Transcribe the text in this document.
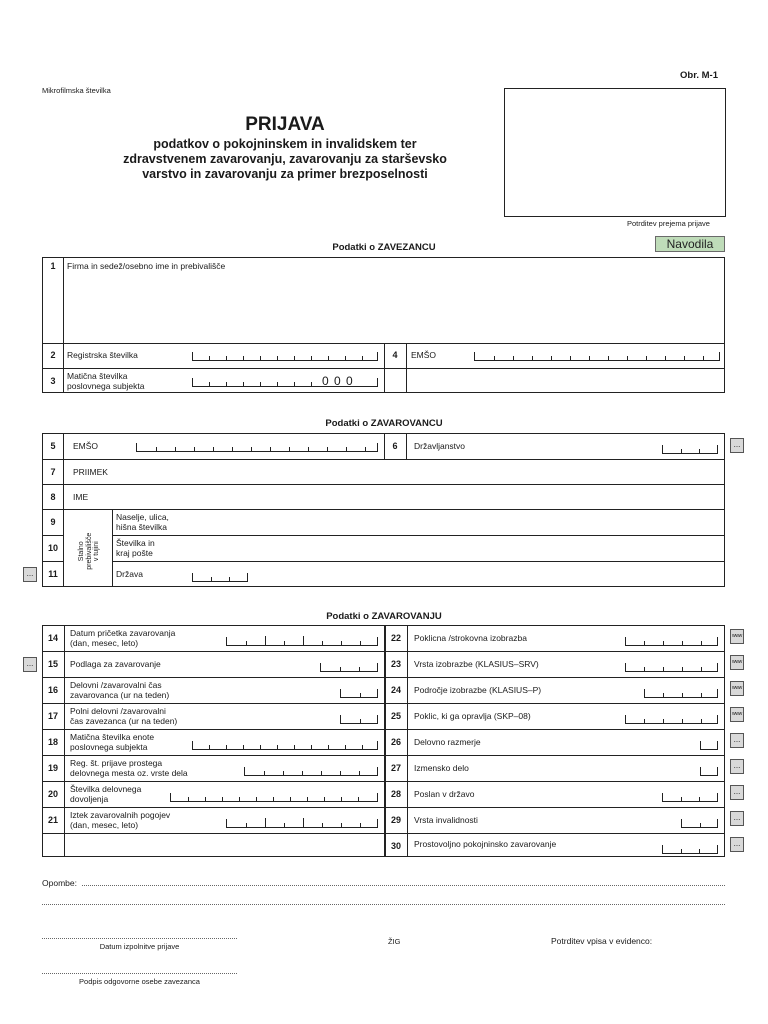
Obr. M-1
Mikrofilmska številka
PRIJAVA
podatkov o pokojninskem in invalidskem ter
zdravstvenem zavarovanju, zavarovanju za starševsko
varstvo in zavarovanju za primer brezposelnosti
Potrditev prejema prijave
Navodila
Podatki o ZAVEZANCU
1	Firma in sedež/osebno ime in prebivališče
2	Registrska številka	4	EMŠO
3	Matična številka
poslovnega subjekta	0 0 0
Podatki o ZAVAROVANCU
5	EMŠO	6	Državljanstvo	...
7	PRIIMEK
8	IME
Stalno prebivališče v tujini
9	Naselje, ulica,
hišna številka
10	Številka in
kraj pošte
11	Država
...
Podatki o ZAVAROVANJU
14	Datum pričetka zavarovanja
(dan, mesec, leto)
15	Podlaga za zavarovanje
...
16	Delovni /zavarovalni čas
zavarovanca (ur na teden)
17	Polni delovni /zavarovalni
čas zavezanca (ur na teden)
18	Matična številka enote
poslovnega subjekta
19	Reg. št. prijave prostega
delovnega mesta oz. vrste dela
20	Številka delovnega
dovoljenja
21	Iztek zavarovalnih pogojev
(dan, mesec, leto)
22	Poklicna /strokovna izobrazba	www
23	Vrsta izobrazbe (KLASIUS–SRV)	www
24	Področje izobrazbe (KLASIUS–P)	www
25	Poklic, ki ga opravlja (SKP–08)	www
26	Delovno razmerje	...
27	Izmensko delo	...
28	Poslan v državo	...
29	Vrsta invalidnosti	...
30	Prostovoljno pokojninsko zavarovanje	...
Opombe:
Datum izpolnitve prijave
ŽIG	Potrditev vpisa v evidenco:
Podpis odgovorne osebe zavezanca
